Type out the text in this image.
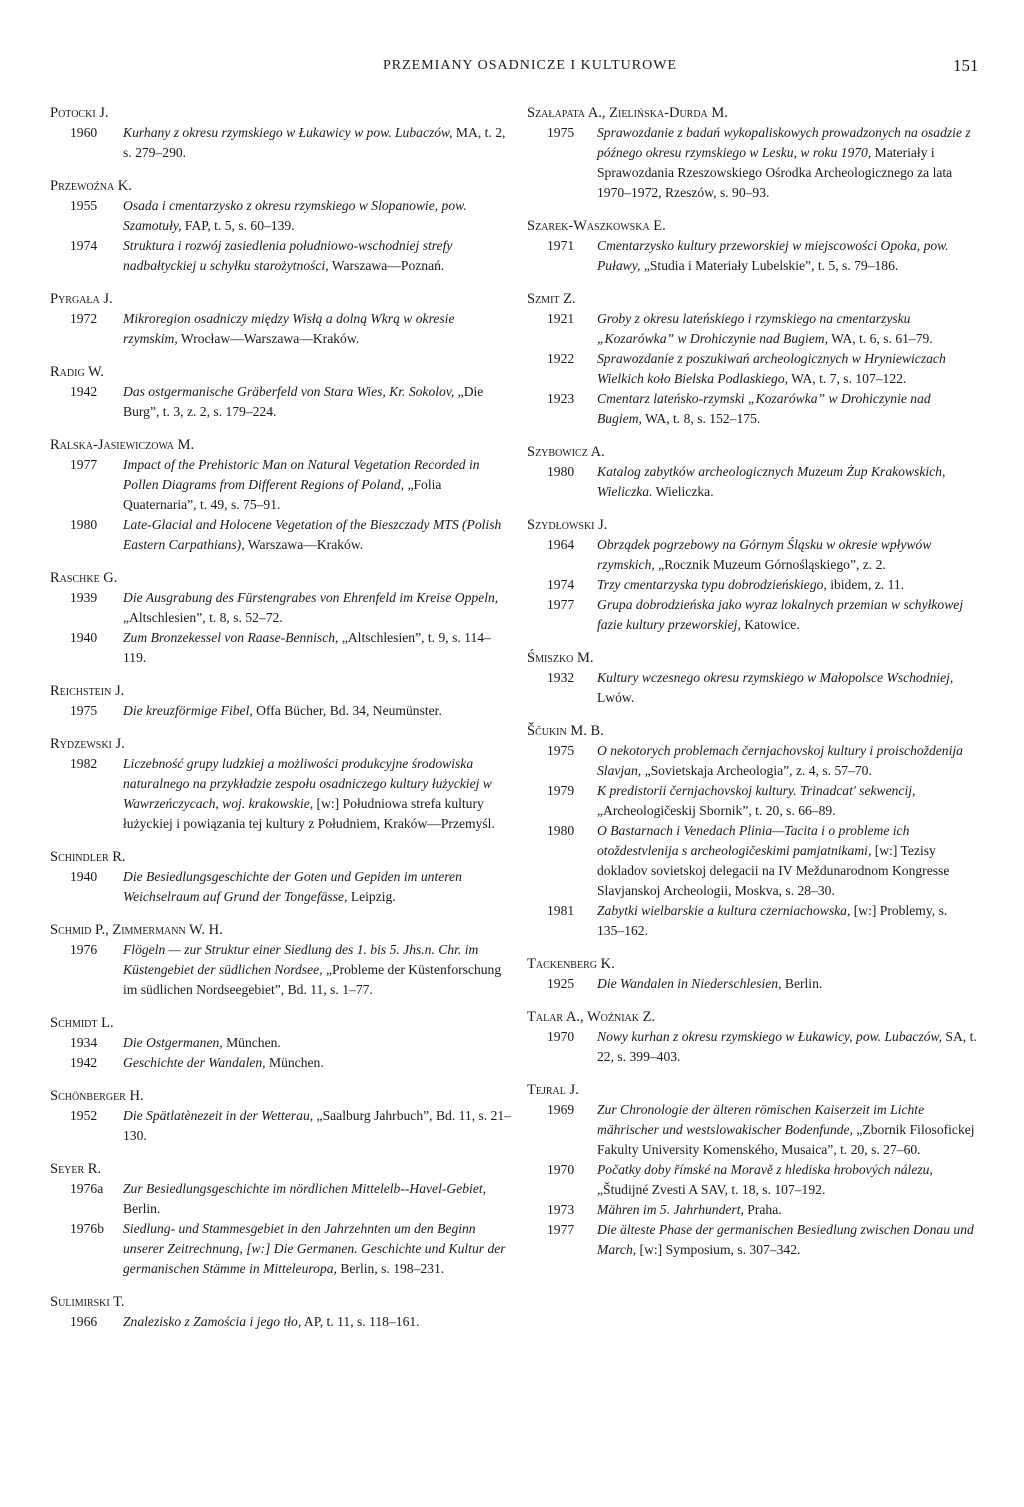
PRZEMIANY OSADNICZE I KULTUROWE	151

Potocki J.

1960 Kurhany z okresu rzymskiego w Łukawicy w pow. Lubaczów, MA, t. 2, s. 279–290.

Przewoźna K.

1955 Osada i cmentarzysko z okresu rzymskiego w Slopanowie, pow. Szamotuły, FAP, t. 5, s. 60–139.

1974 Struktura i rozwój zasiedlenia południowo-wschodniej strefy nadbałtyckiej u schyłku starożytności, Warszawa—Poznań.

Pyrgała J.

1972 Mikroregion osadniczy między Wisłą a dolną Wkrą w okresie rzymskim, Wrocław—Warszawa—Kraków.

Radig W.

1942 Das ostgermanische Gräberfeld von Stara Wies, Kr. Sokolov, „Die Burg”, t. 3, z. 2, s. 179–224.

Ralska-Jasiewiczowa M.

1977 Impact of the Prehistoric Man on Natural Vegetation Recorded in Pollen Diagrams from Different Regions of Poland, „Folia Quaternaria”, t. 49, s. 75–91.

1980 Late-Glacial and Holocene Vegetation of the Bieszczady MTS (Polish Eastern Carpathians), Warszawa—Kraków.

Raschke G.

1939 Die Ausgrabung des Fürstengrabes von Ehrenfeld im Kreise Oppeln, „Altschlesien”, t. 8, s. 52–72.

1940 Zum Bronzekessel von Raase-Bennisch, „Altschlesien”, t. 9, s. 114–119.

Reichstein J.

1975 Die kreuzförmige Fibel, Offa Bücher, Bd. 34, Neumünster.

Rydzewski J.

1982 Liczebność grupy ludzkiej a możliwości produkcyjne środowiska naturalnego na przykładzie zespołu osadniczego kultury łużyckiej w Wawrzeńczycach, woj. krakowskie, [w:] Południowa strefa kultury łużyckiej i powiązania tej kultury z Południem, Kraków—Przemyśl.

Schindler R.

1940 Die Besiedlungsgeschichte der Goten und Gepiden im unteren Weichselraum auf Grund der Tongefässe, Leipzig.

Schmid P., Zimmermann W. H.

1976 Flögeln — zur Struktur einer Siedlung des 1. bis 5. Jhs.n. Chr. im Küstengebiet der südlichen Nordsee, „Probleme der Küstenforschung im südlichen Nordseegebiet”, Bd. 11, s. 1–77.

Schmidt L.

1934 Die Ostgermanen, München.

1942 Geschichte der Wandalen, München.

Schönberger H.

1952 Die Spätlatènezeit in der Wetterau, „Saalburg Jahrbuch”, Bd. 11, s. 21–130.

Seyer R.

1976a Zur Besiedlungsgeschichte im nördlichen Mittelelb--Havel-Gebiet, Berlin.

1976b Siedlung- und Stammesgebiet in den Jahrzehnten um den Beginn unserer Zeitrechnung, [w:] Die Germanen. Geschichte und Kultur der germanischen Stämme in Mitteleuropa, Berlin, s. 198–231.

Sulimirski T.

1966 Znalezisko z Zamościa i jego tło, AP, t. 11, s. 118–161.

Szałapata A., Zielińska-Durda M.

1975 Sprawozdanie z badań wykopaliskowych prowadzonych na osadzie z późnego okresu rzymskiego w Lesku, w roku 1970, Materiały i Sprawozdania Rzeszowskiego Ośrodka Archeologicznego za lata 1970–1972, Rzeszów, s. 90–93.

Szarek-Waszkowska E.

1971 Cmentarzysko kultury przeworskiej w miejscowości Opoka, pow. Puławy, „Studia i Materiały Lubelskie”, t. 5, s. 79–186.

Szmit Z.

1921 Groby z okresu lateńskiego i rzymskiego na cmentarzysku „Kozarówka” w Drohiczynie nad Bugiem, WA, t. 6, s. 61–79.

1922 Sprawozdanie z poszukiwań archeologicznych w Hryniewiczach Wielkich koło Bielska Podlaskiego, WA, t. 7, s. 107–122.

1923 Cmentarz lateńsko-rzymski „Kozarówka” w Drohiczynie nad Bugiem, WA, t. 8, s. 152–175.

Szybowicz A.

1980 Katalog zabytków archeologicznych Muzeum Żup Krakowskich, Wieliczka. Wieliczka.

Szydłowski J.

1964 Obrządek pogrzebowy na Górnym Śląsku w okresie wpływów rzymskich, „Rocznik Muzeum Górnośląskiego”, z. 2.

1974 Trzy cmentarzyska typu dobrodzieńskiego, ibidem, z. 11.

1977 Grupa dobrodzieńska jako wyraz lokalnych przemian w schyłkowej fazie kultury przeworskiej, Katowice.

Śmiszko M.

1932 Kultury wczesnego okresu rzymskiego w Małopolsce Wschodniej, Lwów.

Ščukin M. B.

1975 O nekotorych problemach černjachovskoj kultury i proischoždenija Slavjan, „Sovietskaja Archeologia”, z. 4, s. 57–70.

1979 K predistorii černjachovskoj kultury. Trinadcat' sekwencij, „Archeologičeskij Sbornik”, t. 20, s. 66–89.

1980 O Bastarnach i Venedach Plinia—Tacita i o probleme ich otoždestvlenija s archeologičeskimi pamjatnikami, [w:] Tezisy dokladov sovietskoj delegacii na IV Meždunarodnom Kongresse Slavjanskoj Archeologii, Moskva, s. 28–30.

1981 Zabytki wielbarskie a kultura czerniachowska, [w:] Problemy, s. 135–162.

Tackenberg K.

1925 Die Wandalen in Niederschlesien, Berlin.

Talar A., Woźniak Z.

1970 Nowy kurhan z okresu rzymskiego w Łukawicy, pow. Lubaczów, SA, t. 22, s. 399–403.

Tejral J.

1969 Zur Chronologie der älteren römischen Kaiserzeit im Lichte mährischer und westslowakischer Bodenfunde, „Zbornik Filosofickej Fakulty University Komenského, Musaica”, t. 20, s. 27–60.

1970 Počatky doby římské na Moravě z hlediska hrobových nálezu, „Študijné Zvesti A SAV, t. 18, s. 107–192.

1973 Mähren im 5. Jahrhundert, Praha.

1977 Die älteste Phase der germanischen Besiedlung zwischen Donau und March, [w:] Symposium, s. 307–342.
